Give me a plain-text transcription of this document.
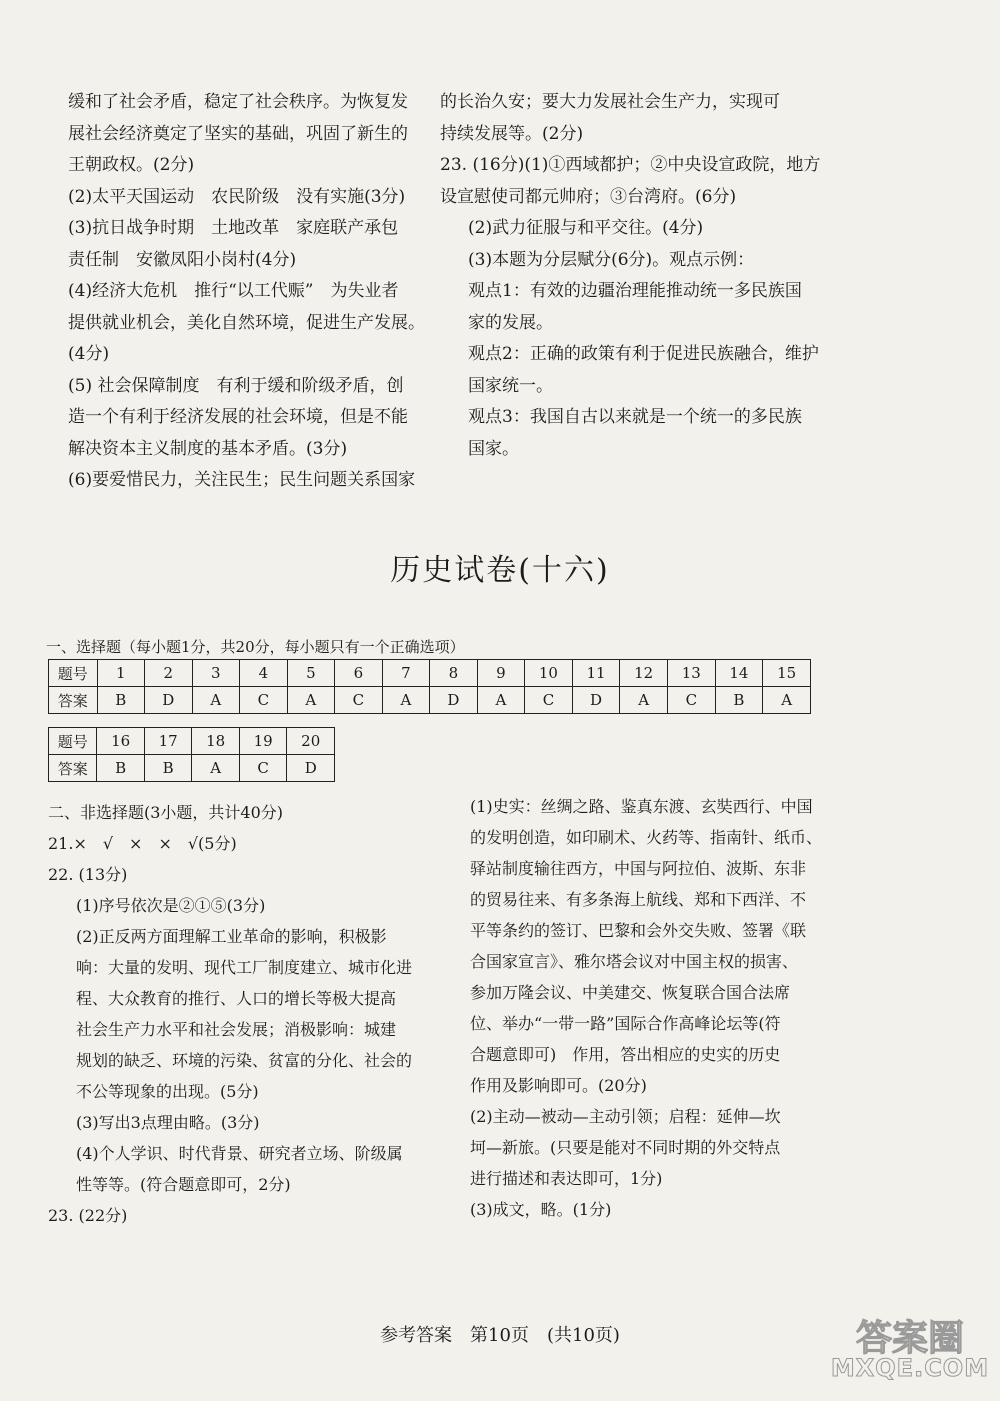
缓和了社会矛盾，稳定了社会秩序。为恢复发

展社会经济奠定了坚实的基础，巩固了新生的

王朝政权。(2分)

(2)太平天国运动　农民阶级　没有实施(3分)

(3)抗日战争时期　土地改革　家庭联产承包

责任制　安徽凤阳小岗村(4分)

(4)经济大危机　推行“以工代赈”　为失业者

提供就业机会，美化自然环境，促进生产发展。

(4分)

(5) 社会保障制度　有利于缓和阶级矛盾，创

造一个有利于经济发展的社会环境，但是不能

解决资本主义制度的基本矛盾。(3分)

(6)要爱惜民力，关注民生；民生问题关系国家

的长治久安；要大力发展社会生产力，实现可

持续发展等。(2分)

23. (16分)(1)①西域都护；②中央设宣政院，地方

设宣慰使司都元帅府；③台湾府。(6分)

(2)武力征服与和平交往。(4分)

(3)本题为分层赋分(6分)。观点示例：

观点1：有效的边疆治理能推动统一多民族国

家的发展。

观点2：正确的政策有利于促进民族融合，维护

国家统一。

观点3：我国自古以来就是一个统一的多民族

国家。

历史试卷(十六)
一、选择题（每小题1分，共20分，每小题只有一个正确选项）
题号	1	2	3	4	5	6	7	8	9	10	11	12	13	14	15
答案	B	D	A	C	A	C	A	D	A	C	D	A	C	B	A
题号	16	17	18	19	20
答案	B	B	A	C	D

二、非选择题(3小题，共计40分)

21.×　√　×　×　√(5分)

22. (13分)

(1)序号依次是②①⑤(3分)

(2)正反两方面理解工业革命的影响，积极影

响：大量的发明、现代工厂制度建立、城市化进

程、大众教育的推行、人口的增长等极大提高

社会生产力水平和社会发展；消极影响：城建

规划的缺乏、环境的污染、贫富的分化、社会的

不公等现象的出现。(5分)

(3)写出3点理由略。(3分)

(4)个人学识、时代背景、研究者立场、阶级属

性等等。(符合题意即可，2分)

23. (22分)

(1)史实：丝绸之路、鉴真东渡、玄奘西行、中国

的发明创造，如印刷术、火药等、指南针、纸币、

驿站制度输往西方，中国与阿拉伯、波斯、东非

的贸易往来、有多条海上航线、郑和下西洋、不

平等条约的签订、巴黎和会外交失败、签署《联

合国家宣言》、雅尔塔会议对中国主权的损害、

参加万隆会议、中美建交、恢复联合国合法席

位、举办“一带一路”国际合作高峰论坛等(符

合题意即可)　作用，答出相应的史实的历史

作用及影响即可。(20分)

(2)主动—被动—主动引领；启程：延伸—坎

坷—新旅。(只要是能对不同时期的外交特点

进行描述和表达即可，1分)

(3)成文，略。(1分)

参考答案　第10页　(共10页)	答案圈
MXQE.COM
